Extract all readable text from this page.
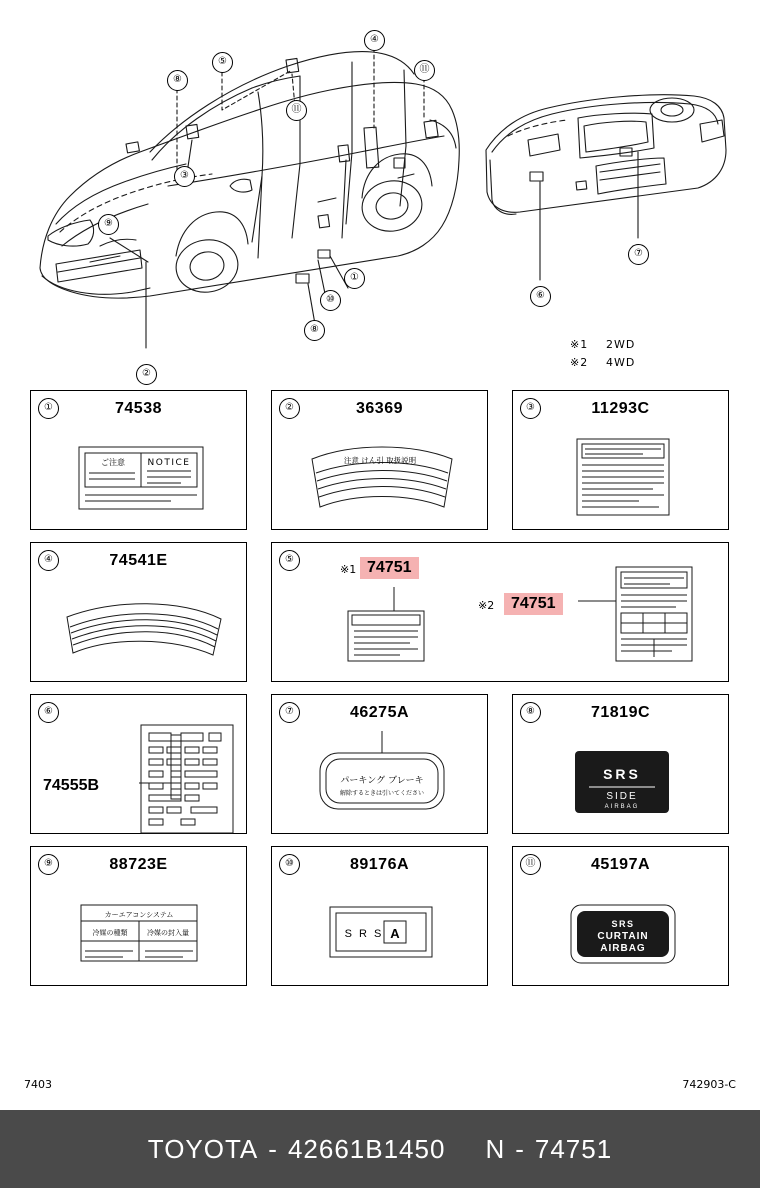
⑧
⑤
④
⑪
⑪
③
⑨
①
⑩
⑧
②
⑥
⑦
※1 2WD
※2 4WD
①	74538
ご注意	NOTICE
②	36369
注意 けん引 取扱説明
③	11293C
④	74541E	⑤
※1 74751
※2	74751
⑥
74555B
⑦	46275A
パーキング ブレーキ
解除するときは引いてください
⑧	71819C
SRS
SIDE
AIRBAG
⑨	88723E
カーエアコンシステム
冷媒の種類	冷媒の封入量
⑩	89176A
S R S A
⑪	45197A
SRS
CURTAIN
AIRBAG
7403	742903-C
TOYOTA - 42661B1450 N - 74751
